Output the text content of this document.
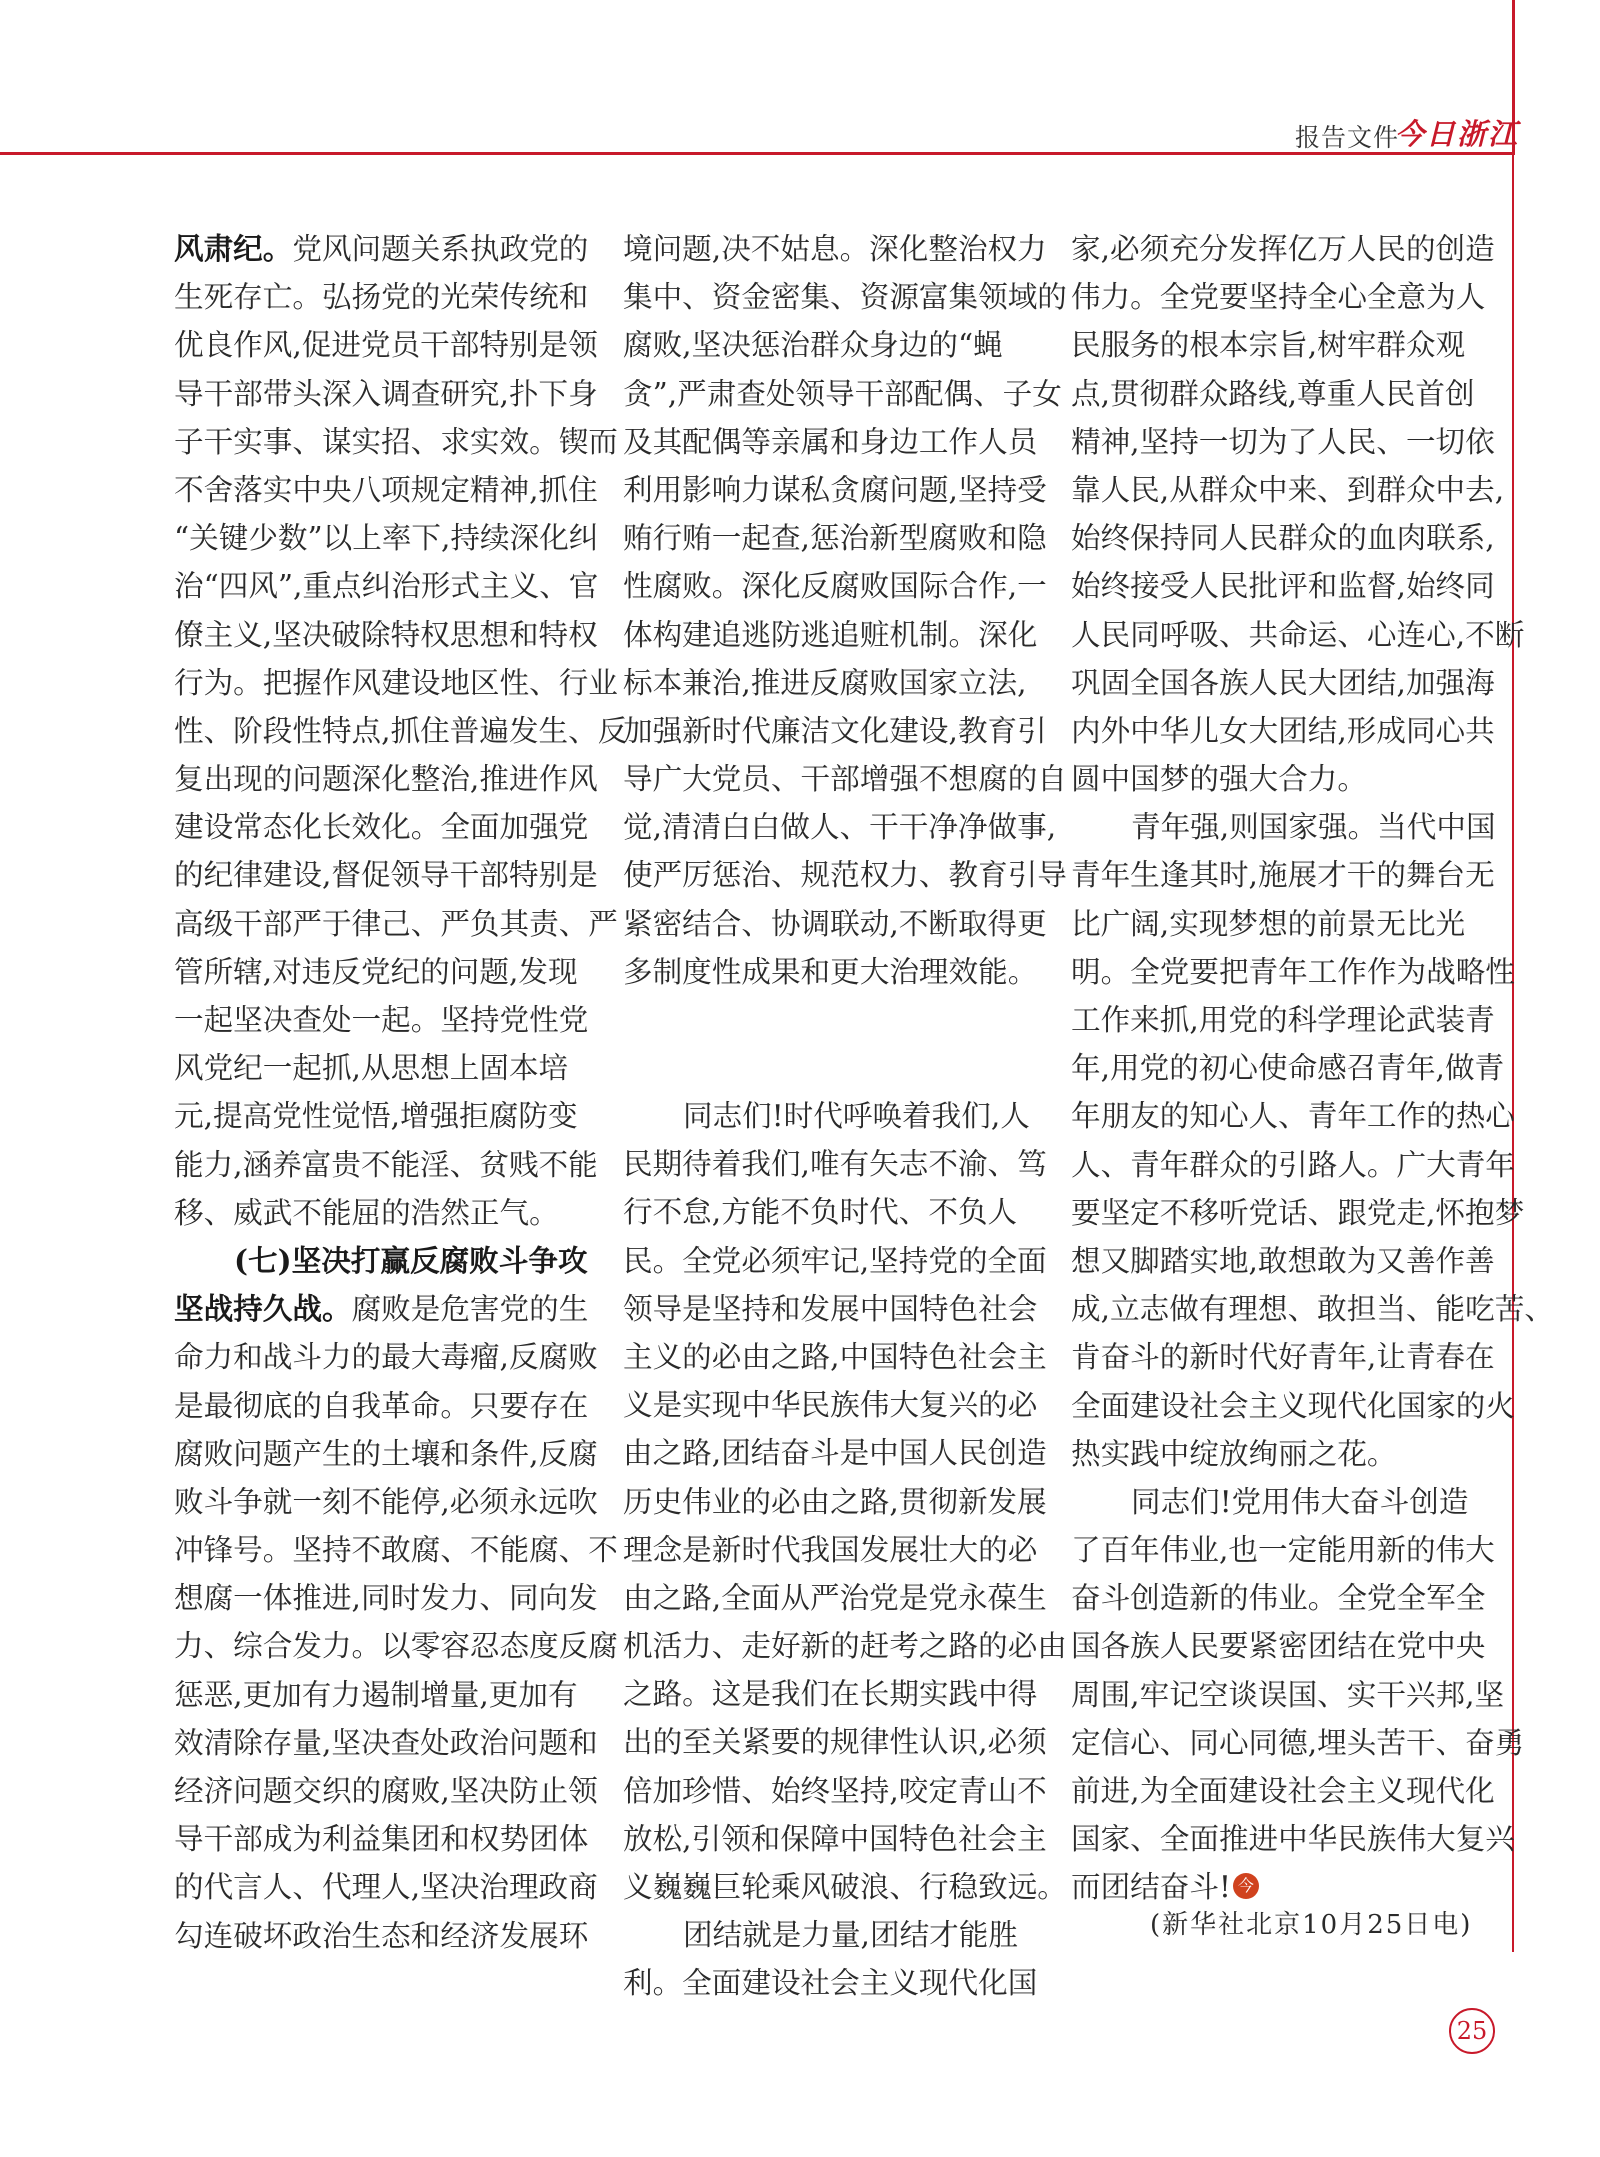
报告文件
今日浙江
风肃纪。党风问题关系执政党的
生死存亡。弘扬党的光荣传统和
优良作风,促进党员干部特别是领
导干部带头深入调查研究,扑下身
子干实事、谋实招、求实效。锲而
不舍落实中央八项规定精神,抓住
“关键少数”以上率下,持续深化纠
治“四风”,重点纠治形式主义、官
僚主义,坚决破除特权思想和特权
行为。把握作风建设地区性、行业
性、阶段性特点,抓住普遍发生、反
复出现的问题深化整治,推进作风
建设常态化长效化。全面加强党
的纪律建设,督促领导干部特别是
高级干部严于律己、严负其责、严
管所辖,对违反党纪的问题,发现
一起坚决查处一起。坚持党性党
风党纪一起抓,从思想上固本培
元,提高党性觉悟,增强拒腐防变
能力,涵养富贵不能淫、贫贱不能
移、威武不能屈的浩然正气。
(七)坚决打赢反腐败斗争攻
坚战持久战。腐败是危害党的生
命力和战斗力的最大毒瘤,反腐败
是最彻底的自我革命。只要存在
腐败问题产生的土壤和条件,反腐
败斗争就一刻不能停,必须永远吹
冲锋号。坚持不敢腐、不能腐、不
想腐一体推进,同时发力、同向发
力、综合发力。以零容忍态度反腐
惩恶,更加有力遏制增量,更加有
效清除存量,坚决查处政治问题和
经济问题交织的腐败,坚决防止领
导干部成为利益集团和权势团体
的代言人、代理人,坚决治理政商
勾连破坏政治生态和经济发展环
境问题,决不姑息。深化整治权力
集中、资金密集、资源富集领域的
腐败,坚决惩治群众身边的“蝇
贪”,严肃查处领导干部配偶、子女
及其配偶等亲属和身边工作人员
利用影响力谋私贪腐问题,坚持受
贿行贿一起查,惩治新型腐败和隐
性腐败。深化反腐败国际合作,一
体构建追逃防逃追赃机制。深化
标本兼治,推进反腐败国家立法,
加强新时代廉洁文化建设,教育引
导广大党员、干部增强不想腐的自
觉,清清白白做人、干干净净做事,
使严厉惩治、规范权力、教育引导
紧密结合、协调联动,不断取得更
多制度性成果和更大治理效能。
同志们!时代呼唤着我们,人
民期待着我们,唯有矢志不渝、笃
行不怠,方能不负时代、不负人
民。全党必须牢记,坚持党的全面
领导是坚持和发展中国特色社会
主义的必由之路,中国特色社会主
义是实现中华民族伟大复兴的必
由之路,团结奋斗是中国人民创造
历史伟业的必由之路,贯彻新发展
理念是新时代我国发展壮大的必
由之路,全面从严治党是党永葆生
机活力、走好新的赶考之路的必由
之路。这是我们在长期实践中得
出的至关紧要的规律性认识,必须
倍加珍惜、始终坚持,咬定青山不
放松,引领和保障中国特色社会主
义巍巍巨轮乘风破浪、行稳致远。
团结就是力量,团结才能胜
利。全面建设社会主义现代化国
家,必须充分发挥亿万人民的创造
伟力。全党要坚持全心全意为人
民服务的根本宗旨,树牢群众观
点,贯彻群众路线,尊重人民首创
精神,坚持一切为了人民、一切依
靠人民,从群众中来、到群众中去,
始终保持同人民群众的血肉联系,
始终接受人民批评和监督,始终同
人民同呼吸、共命运、心连心,不断
巩固全国各族人民大团结,加强海
内外中华儿女大团结,形成同心共
圆中国梦的强大合力。
青年强,则国家强。当代中国
青年生逢其时,施展才干的舞台无
比广阔,实现梦想的前景无比光
明。全党要把青年工作作为战略性
工作来抓,用党的科学理论武装青
年,用党的初心使命感召青年,做青
年朋友的知心人、青年工作的热心
人、青年群众的引路人。广大青年
要坚定不移听党话、跟党走,怀抱梦
想又脚踏实地,敢想敢为又善作善
成,立志做有理想、敢担当、能吃苦、
肯奋斗的新时代好青年,让青春在
全面建设社会主义现代化国家的火
热实践中绽放绚丽之花。
同志们!党用伟大奋斗创造
了百年伟业,也一定能用新的伟大
奋斗创造新的伟业。全党全军全
国各族人民要紧密团结在党中央
周围,牢记空谈误国、实干兴邦,坚
定信心、同心同德,埋头苦干、奋勇
前进,为全面建设社会主义现代化
国家、全面推进中华民族伟大复兴
而团结奋斗! 今
(新华社北京10月25日电)
25
